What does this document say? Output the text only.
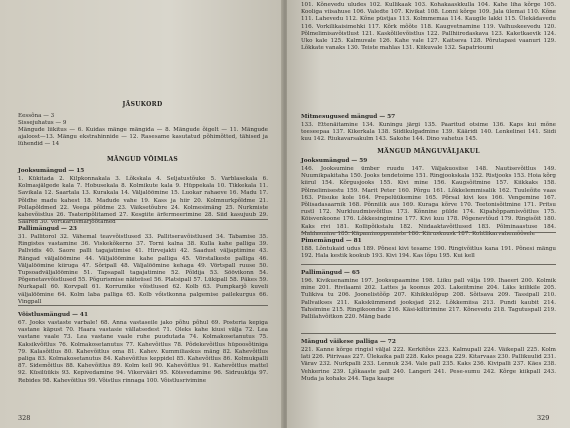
JÄSUKORD
Eessõna — 3
Sissejuhatus — 9
Mängude liikitus — 6. Kuidas mänge mängida — 8. Mängude õigelt — 11. Mängude ajaloost—13. Mängu ekstrahinnide — 12. Rasesame kasutatud põhimõtted, tähised ja lühendid — 14
MÄNGUD VÕIMLAS
Jooksumängud — 15
1. Kükitada 2. Kilpkonnakala 3. Lõkskala 4. Seljatustõuke 5. Varblasekala 6. Kolmasjälgede kala 7. Hobusekala 8. Kolmikute kala 9. Hüppekala 10. Tikkekala 11. Savikala 12. Saartala 13. Kurakala 14. Väljalöömine 15. Luokar rahaeve 16. Madu 17. Põldhe madu kahest 18. Madude vahe 19. Kass ja hiir 20. Kolmnurkpõldme 21. Pollapõldmed 22. Veega põldme 23. Väiksetõubre 24. Kolmesimäng 25. Nurkmiste kahevõistlus 26. Tsateripõlitamed 27. Kesgiite ärfermeerimine 28. Siid kasujuub 29. Saared 30. Vörtkarusmarjõõtamed
Pallimängud — 23
31. Pallitorol 32. Vähemal teavvõistlused 33. Pallitseravõistlused 34. Tabamise 35. Ringistes vastamine 36. Viskekõkerno 37. Torni kalna 38. Kulla kahe palliga 39. Pallvidis 40. Saore palli tagajatimise 41. Hirvejakti 42. Saadust väljaptimine 43. Rängad väljalöömine 44. Väljalöömine kahe palliga 45. Vörstalkeste palliga 46. Väljalöömine kiiruga 47. Sõripall 48. Väljalöömine kehaga 49. Vörtspall ruuse 50. Tupsoadväljalöömine 51. Tapsapall tagajatimine 52. Põldija 53. Söövikonn 54. Põgenetavvõistlused 55. Põgurismise näiteüsel 56. Platsipall 57. Lükipall 58. Päkes 59. Nurkapall 60. Korvpall 61. Korrumike võistlused 62. Kolb 63. Pumpkarjõ kuveli väljalöömine 64. Kolm laba palliga 65. Kolb vőistkonna palgemise pailekurgus 66. Vingpall
Võistlusmängud — 41
67. Jooks vastaste varbale! 68. Anna vastaseile jako põhu põhul 69. Posteria kepiga vastane käpust 70. Haara vastasie vällatsedest 71. Oleks kahe kiusi välja 72. Lea vastane vaale 73. Lea vastane vaale ruhe puudutada 74. Kolmakosetanutus 75. Kaksikvõitlus 76. Kolmakosetanutus 77. Kahevõitlus 78. Põdekevõitlus hüpoosõtiniga 79. Kalasõitlus 80. Kahevõitlus oma 81. Kahev. Kummiliaskus mäng 82. Kahevõitlus paliga 83. Kolmakosetanutus 84. Kahevõitlus keppidel 85. Kahevõitlus 86. Kolmukpalli 87. Sidemõitlus 88. Kahevõitlus 89. Kolm kell 90. Kahevõitlus 91. Kahevõitlus mattel 92. Küsilüükis 93. Kepivedamine 94. Vikervääri 95. Köisvedamine 96. Sidruuküja 97. Rebides 98. Kahevõitlus 99. Võistlus rinnaga 100. Võistlusrivimine
328
101. Kõnevedu uludes 102. Kullikaak 103. Kohakaaskkulla 104. Kahe liha kõrge 105. Kooliga viisahuse 106. Valedte 107. Kivikat 108. Lonni kõrge 109. Jala ülemai 110. Kõne 111. Lahevedu 112. Kõne püstjas 113. Kolmmemaa 114. Kaugile lakki 115. Ülekädavedu 116. Vorkilikaisimehki 117. Kõrk mõõte 118. Kaugvetnamine 119. Valhuskeevedu 120. Põlmelimisavõistlust 121. Kaskõlilevõistlus 122. Pallhiiredaskava 123. Kaketkaevik 124. Uko kale 125. Kalmuvale 126. Kahe vale 127. Kaitseva 128. Põrutapasi vaanuri 129. Lõkkate vanaks 130. Teiste mahlas 131. Kiikuvale 132. Sapatrioumi
Mitmesugused mängud — 57
133. Ettenäitamine 134. Kuningu järgi 135. Paaritud otsime 136. Kaps kui mõne teeseepaa 137. Kikerkala 138. Siidikulgadmine 139. Kääridi 140. Lenkelinei 141. Siidi kuu 142. Riukavarsakulm 143. Sakohe 144. Dino vahetus 145.
MÄNGUD MÄNGUVÄLJAKUL
Jooksumängud — 59
146. Jooksumine ümber ruudu 147. Väljakuosiise 148. Nautisevõitlus 149. Nuumikpakitaha 150. Jooks tendetoime 151. Ringjookskala 152. Ristjooks 153. Hoia kõrg kiirul 154. Kõrgusjooks 155. Kivi mine 156. Kaugsõitmine 157. Kiikkaks 158. Põlmelimisestu 159. Marit Peter 160. Põrgu 161. Lõkkelemmisalik 162. Tuuleõite vaas 163. Piisuke kole 164. Prepelüükemine 165. Põrsal kivi kes 166. Vengemine 167. Põlisadasaarnik 168. Põnnilik aus 169. Kuraga kõrve 170. Teetonisõitmine 171. Pritsu rustl 172. Nurkluudmisvõitlus 173. Kõnnine pülde 174. Kipahõppamisvõitlus 175. Köisvenkoone 176. Lõkkesingimine 177. Kivi kuu 178. Põgenevtõud 179. Ringisõit 180. Kaks rivi 181. Kollipõikstalu 182. Niidaaktavõitlused 183. Põlminaastuse 184. Mahlasmine 185. Käpaminoppemiste 186. Kiiruskuusk 187. Kohtlikarvahemõõsele
Pimemängud — 81
188. Lõntukaid udus 189. Põnesi kivi tesamc 190. Ringivõitlus kana 191. Põnesi mängu 192. Hala kestik kookub 193. Kivi 194. Kas lõpu 195. Kui kell
Pallimängud — 65
196. Kivikuenamine 197. Jooksupaamine 198. Liiku pall välja 199. Ihaeeri 200. Kolmik mine 201. Rivilaami 202. Lattes ja koonus 203. Lakeiitmine 204. Läks kiilikile 205. Tulikiva tu 206. Joonelistõõp 207. Kihikkulõpup 208. Sõitsava 209. Tassipall 210. Pallvaikses 211. Kakskümmend jooksjad 212. Lõkkemiisa 213. Pundi kaubit 214. Tahsimine 215. Ringikoondus 216. Käsi-kiltirimine 217. Kõnevedu 218. Tagutuspall 219. Pallilahvõitkon 220. Mäng bade
Mängud väikese palliga — 72
221. Kanne kõrge ringisl väljal 222. Kerkitõus 223. Kalmupall 224. Väikepall 225. Kolm lati 226. Piirivaas 227. Ülekaika pall 228. Kaks peaga 229. Kitarvaas 230. Pallikuulid 231. Värav 232. Nurkpalli 233. Lennuk 234. Vale pall 235. Kaks 236. Kivipalli 237. Käes 238. Vehkerine 239. Ljõkaaste pall 240. Langeri 241. Pese-sumu 242. Kõrge kiikpall 243. Muda ja kohaks 244. Taga kaape
329
